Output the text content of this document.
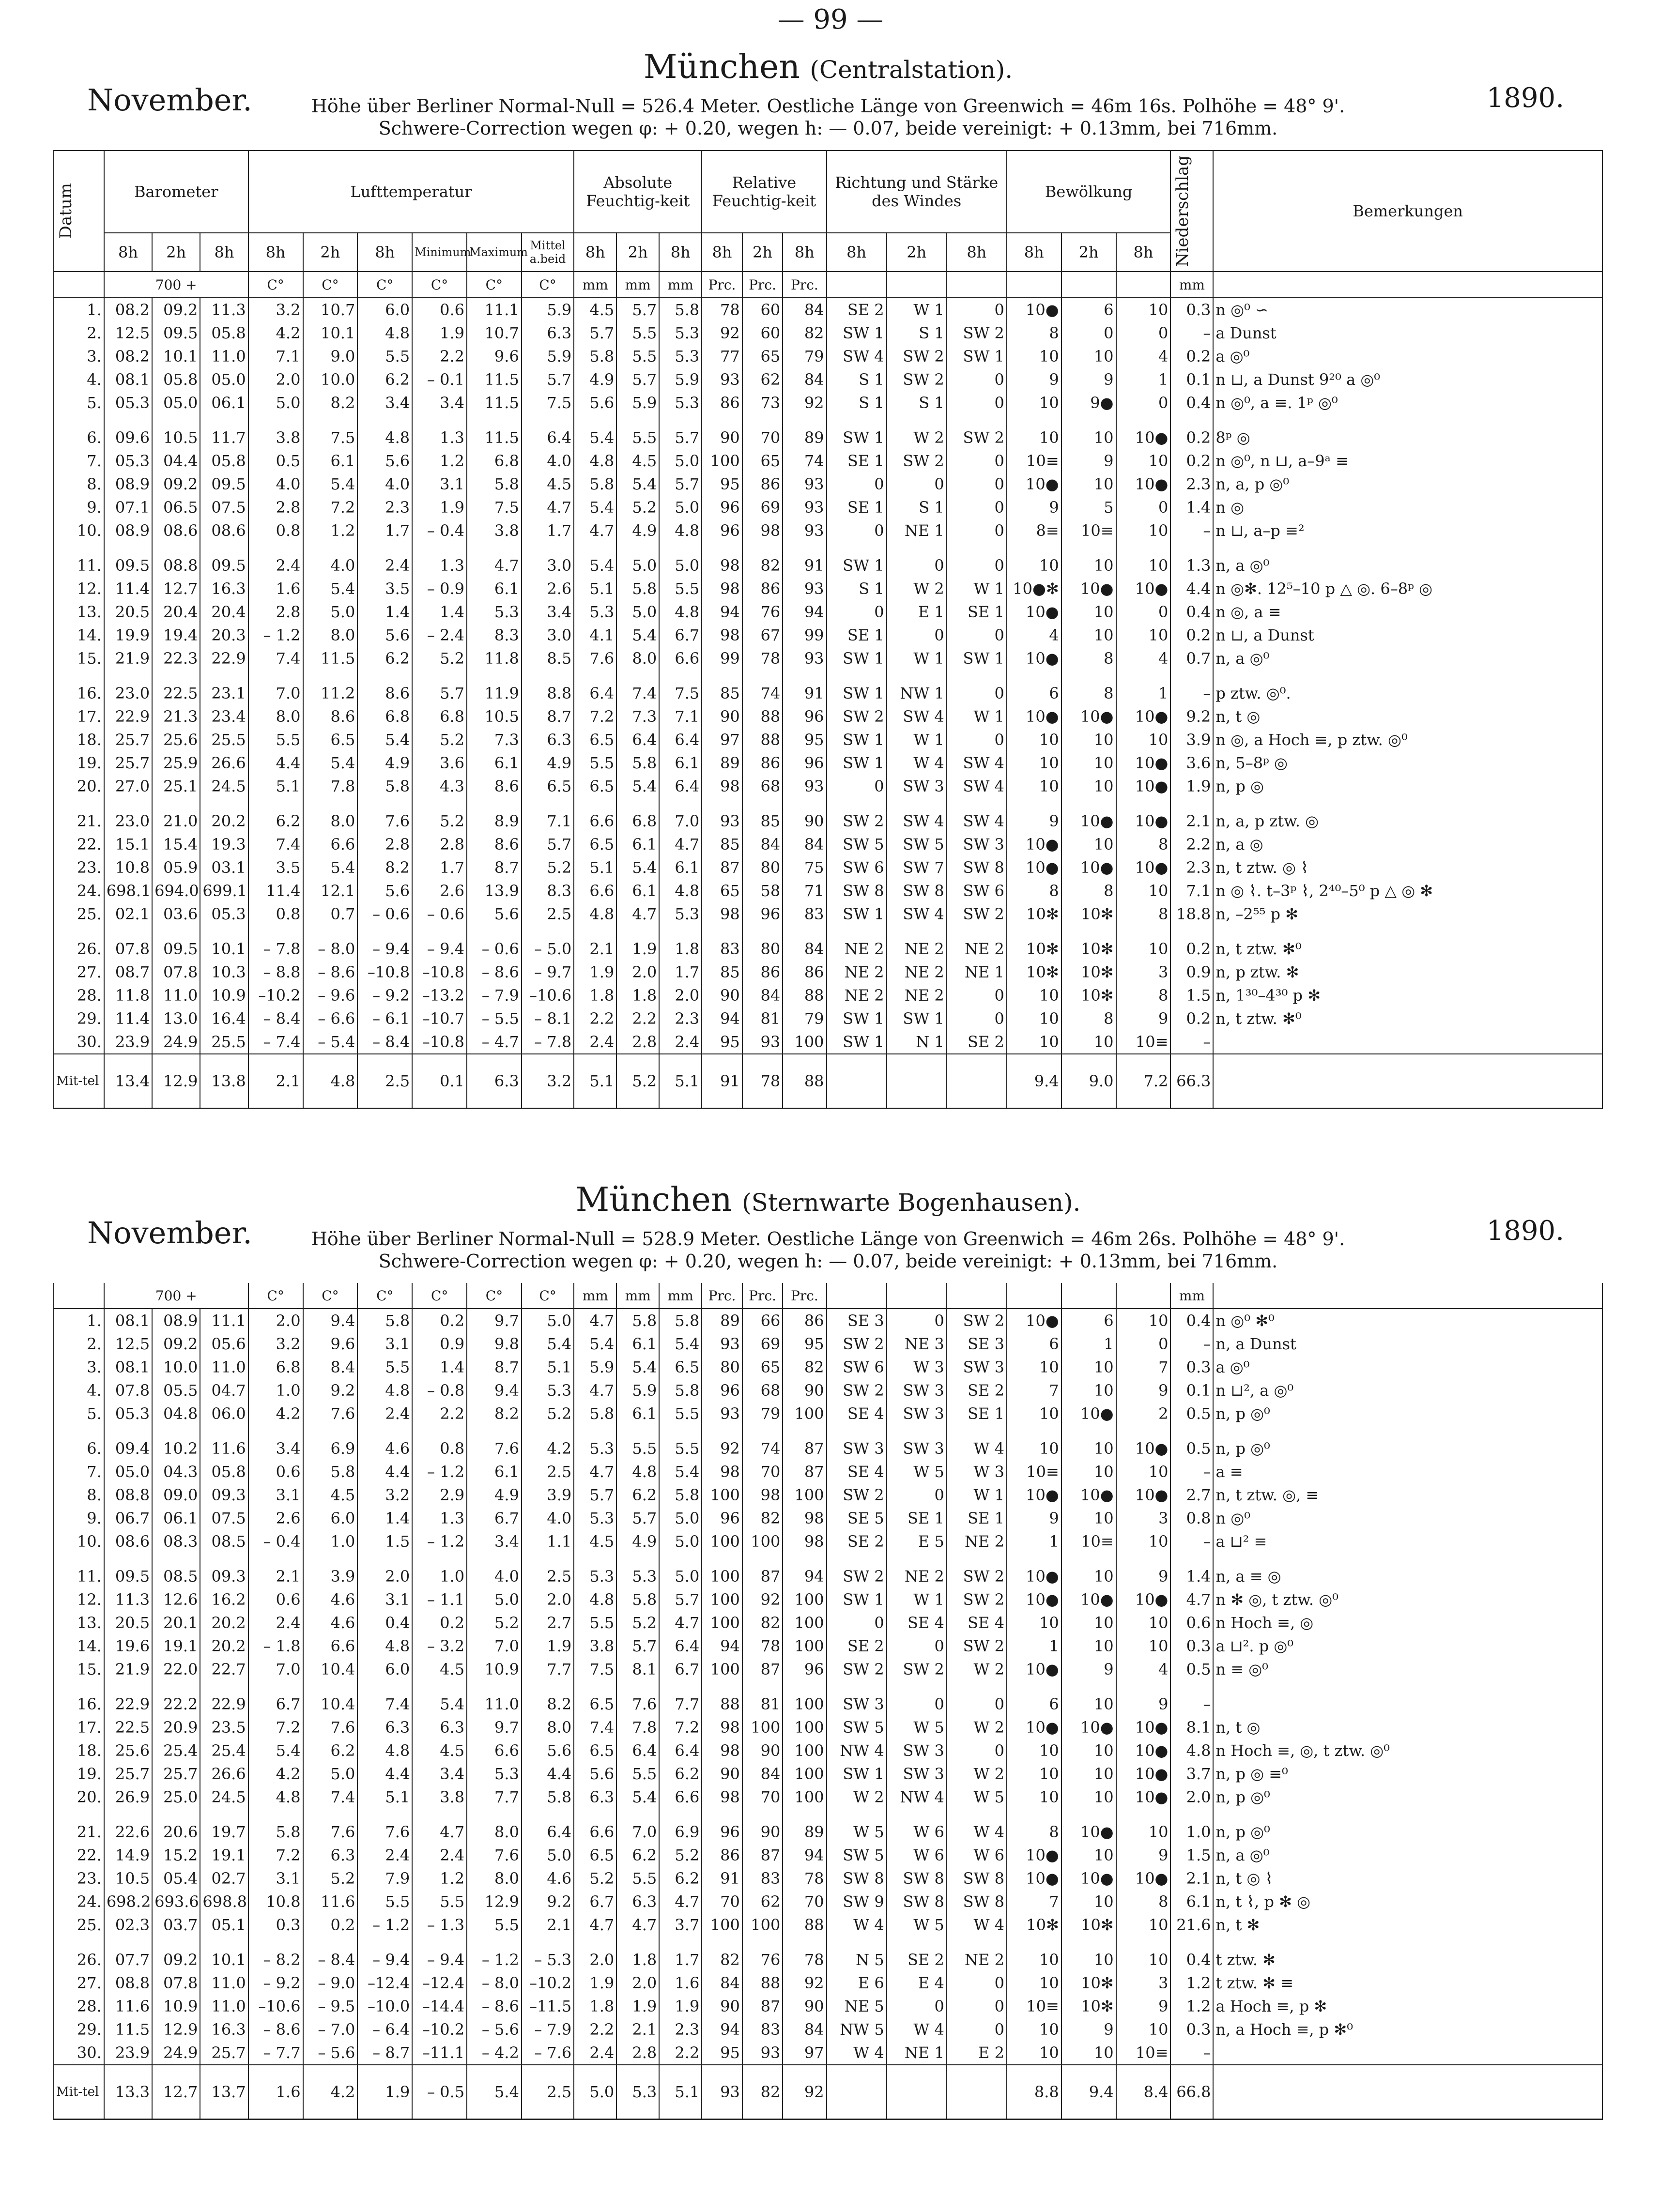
— 99 —
München (Centralstation).
November.	1890.
Höhe über Berliner Normal-Null = 526.4 Meter. Oestliche Länge von Greenwich = 46m 16s. Polhöhe = 48° 9'.
Schwere-Correction wegen φ: + 0.20, wegen h: — 0.07, beide vereinigt: + 0.13mm, bei 716mm.
Datum	Barometer			Lufttemperatur						Absolute Feuchtig-keit			Relative Feuchtig-keit			Richtung und Stärke des Windes			Bewölkung			Niederschlag	Bemerkungen
	8h	2h	8h	8h	2h	8h	Minimum	Maximum	Mittel a.beid	8h	2h	8h	8h	2h	8h	8h	2h	8h	8h	2h	8h		
	700 +			C°	C°	C°	C°	C°	C°	mm	mm	mm	Prc.	Prc.	Prc.							mm	
1.	08.2	09.2	11.3	3.2	10.7	6.0	0.6	11.1	5.9	4.5	5.7	5.8	78	60	84	SE 2	W 1	0	10●	6	10	0.3	n ◎⁰ ∽
2.	12.5	09.5	05.8	4.2	10.1	4.8	1.9	10.7	6.3	5.7	5.5	5.3	92	60	82	SW 1	S 1	SW 2	8	0	0	–	a Dunst
3.	08.2	10.1	11.0	7.1	9.0	5.5	2.2	9.6	5.9	5.8	5.5	5.3	77	65	79	SW 4	SW 2	SW 1	10	10	4	0.2	a ◎⁰
4.	08.1	05.8	05.0	2.0	10.0	6.2	– 0.1	11.5	5.7	4.9	5.7	5.9	93	62	84	S 1	SW 2	0	9	9	1	0.1	n ⊔, a Dunst 9²⁰ a ◎⁰
5.	05.3	05.0	06.1	5.0	8.2	3.4	3.4	11.5	7.5	5.6	5.9	5.3	86	73	92	S 1	S 1	0	10	9●	0	0.4	n ◎⁰, a ≡. 1ᵖ ◎⁰

6.	09.6	10.5	11.7	3.8	7.5	4.8	1.3	11.5	6.4	5.4	5.5	5.7	90	70	89	SW 1	W 2	SW 2	10	10	10●	0.2	8ᵖ ◎
7.	05.3	04.4	05.8	0.5	6.1	5.6	1.2	6.8	4.0	4.8	4.5	5.0	100	65	74	SE 1	SW 2	0	10≡	9	10	0.2	n ◎⁰, n ⊔, a–9ᵃ ≡
8.	08.9	09.2	09.5	4.0	5.4	4.0	3.1	5.8	4.5	5.8	5.4	5.7	95	86	93	0	0	0	10●	10	10●	2.3	n, a, p ◎⁰
9.	07.1	06.5	07.5	2.8	7.2	2.3	1.9	7.5	4.7	5.4	5.2	5.0	96	69	93	SE 1	S 1	0	9	5	0	1.4	n ◎
10.	08.9	08.6	08.6	0.8	1.2	1.7	– 0.4	3.8	1.7	4.7	4.9	4.8	96	98	93	0	NE 1	0	8≡	10≡	10	–	n ⊔, a–p ≡²

11.	09.5	08.8	09.5	2.4	4.0	2.4	1.3	4.7	3.0	5.4	5.0	5.0	98	82	91	SW 1	0	0	10	10	10	1.3	n, a ◎⁰
12.	11.4	12.7	16.3	1.6	5.4	3.5	– 0.9	6.1	2.6	5.1	5.8	5.5	98	86	93	S 1	W 2	W 1	10●✻	10●	10●	4.4	n ◎✻. 12⁵–10 p △ ◎. 6–8ᵖ ◎
13.	20.5	20.4	20.4	2.8	5.0	1.4	1.4	5.3	3.4	5.3	5.0	4.8	94	76	94	0	E 1	SE 1	10●	10	0	0.4	n ◎, a ≡
14.	19.9	19.4	20.3	– 1.2	8.0	5.6	– 2.4	8.3	3.0	4.1	5.4	6.7	98	67	99	SE 1	0	0	4	10	10	0.2	n ⊔, a Dunst
15.	21.9	22.3	22.9	7.4	11.5	6.2	5.2	11.8	8.5	7.6	8.0	6.6	99	78	93	SW 1	W 1	SW 1	10●	8	4	0.7	n, a ◎⁰

16.	23.0	22.5	23.1	7.0	11.2	8.6	5.7	11.9	8.8	6.4	7.4	7.5	85	74	91	SW 1	NW 1	0	6	8	1	–	p ztw. ◎⁰.
17.	22.9	21.3	23.4	8.0	8.6	6.8	6.8	10.5	8.7	7.2	7.3	7.1	90	88	96	SW 2	SW 4	W 1	10●	10●	10●	9.2	n, t ◎
18.	25.7	25.6	25.5	5.5	6.5	5.4	5.2	7.3	6.3	6.5	6.4	6.4	97	88	95	SW 1	W 1	0	10	10	10	3.9	n ◎, a Hoch ≡, p ztw. ◎⁰
19.	25.7	25.9	26.6	4.4	5.4	4.9	3.6	6.1	4.9	5.5	5.8	6.1	89	86	96	SW 1	W 4	SW 4	10	10	10●	3.6	n, 5–8ᵖ ◎
20.	27.0	25.1	24.5	5.1	7.8	5.8	4.3	8.6	6.5	6.5	5.4	6.4	98	68	93	0	SW 3	SW 4	10	10	10●	1.9	n, p ◎

21.	23.0	21.0	20.2	6.2	8.0	7.6	5.2	8.9	7.1	6.6	6.8	7.0	93	85	90	SW 2	SW 4	SW 4	9	10●	10●	2.1	n, a, p ztw. ◎
22.	15.1	15.4	19.3	7.4	6.6	2.8	2.8	8.6	5.7	6.5	6.1	4.7	85	84	84	SW 5	SW 5	SW 3	10●	10	8	2.2	n, a ◎
23.	10.8	05.9	03.1	3.5	5.4	8.2	1.7	8.7	5.2	5.1	5.4	6.1	87	80	75	SW 6	SW 7	SW 8	10●	10●	10●	2.3	n, t ztw. ◎ ⌇
24.	698.1	694.0	699.1	11.4	12.1	5.6	2.6	13.9	8.3	6.6	6.1	4.8	65	58	71	SW 8	SW 8	SW 6	8	8	10	7.1	n ◎ ⌇. t–3ᵖ ⌇, 2⁴⁰–5⁰ p △ ◎ ✻
25.	02.1	03.6	05.3	0.8	0.7	– 0.6	– 0.6	5.6	2.5	4.8	4.7	5.3	98	96	83	SW 1	SW 4	SW 2	10✻	10✻	8	18.8	n, –2⁵⁵ p ✻

26.	07.8	09.5	10.1	– 7.8	– 8.0	– 9.4	– 9.4	– 0.6	– 5.0	2.1	1.9	1.8	83	80	84	NE 2	NE 2	NE 2	10✻	10✻	10	0.2	n, t ztw. ✻⁰
27.	08.7	07.8	10.3	– 8.8	– 8.6	–10.8	–10.8	– 8.6	– 9.7	1.9	2.0	1.7	85	86	86	NE 2	NE 2	NE 1	10✻	10✻	3	0.9	n, p ztw. ✻
28.	11.8	11.0	10.9	–10.2	– 9.6	– 9.2	–13.2	– 7.9	–10.6	1.8	1.8	2.0	90	84	88	NE 2	NE 2	0	10	10✻	8	1.5	n, 1³⁰–4³⁰ p ✻
29.	11.4	13.0	16.4	– 8.4	– 6.6	– 6.1	–10.7	– 5.5	– 8.1	2.2	2.2	2.3	94	81	79	SW 1	SW 1	0	10	8	9	0.2	n, t ztw. ✻⁰
30.	23.9	24.9	25.5	– 7.4	– 5.4	– 8.4	–10.8	– 4.7	– 7.8	2.4	2.8	2.4	95	93	100	SW 1	N 1	SE 2	10	10	10≡	–	
Mit-tel	13.4	12.9	13.8	2.1	4.8	2.5	0.1	6.3	3.2	5.1	5.2	5.1	91	78	88				9.4	9.0	7.2	66.3	
München (Sternwarte Bogenhausen).
November.	1890.
Höhe über Berliner Normal-Null = 528.9 Meter. Oestliche Länge von Greenwich = 46m 26s. Polhöhe = 48° 9'.
Schwere-Correction wegen φ: + 0.20, wegen h: — 0.07, beide vereinigt: + 0.13mm, bei 716mm.
	700 +			C°	C°	C°	C°	C°	C°	mm	mm	mm	Prc.	Prc.	Prc.							mm	
1.	08.1	08.9	11.1	2.0	9.4	5.8	0.2	9.7	5.0	4.7	5.8	5.8	89	66	86	SE 3	0	SW 2	10●	6	10	0.4	n ◎⁰ ✻⁰
2.	12.5	09.2	05.6	3.2	9.6	3.1	0.9	9.8	5.4	5.4	6.1	5.4	93	69	95	SW 2	NE 3	SE 3	6	1	0	–	n, a Dunst
3.	08.1	10.0	11.0	6.8	8.4	5.5	1.4	8.7	5.1	5.9	5.4	6.5	80	65	82	SW 6	W 3	SW 3	10	10	7	0.3	a ◎⁰
4.	07.8	05.5	04.7	1.0	9.2	4.8	– 0.8	9.4	5.3	4.7	5.9	5.8	96	68	90	SW 2	SW 3	SE 2	7	10	9	0.1	n ⊔², a ◎⁰
5.	05.3	04.8	06.0	4.2	7.6	2.4	2.2	8.2	5.2	5.8	6.1	5.5	93	79	100	SE 4	SW 3	SE 1	10	10●	2	0.5	n, p ◎⁰

6.	09.4	10.2	11.6	3.4	6.9	4.6	0.8	7.6	4.2	5.3	5.5	5.5	92	74	87	SW 3	SW 3	W 4	10	10	10●	0.5	n, p ◎⁰
7.	05.0	04.3	05.8	0.6	5.8	4.4	– 1.2	6.1	2.5	4.7	4.8	5.4	98	70	87	SE 4	W 5	W 3	10≡	10	10	–	a ≡
8.	08.8	09.0	09.3	3.1	4.5	3.2	2.9	4.9	3.9	5.7	6.2	5.8	100	98	100	SW 2	0	W 1	10●	10●	10●	2.7	n, t ztw. ◎, ≡
9.	06.7	06.1	07.5	2.6	6.0	1.4	1.3	6.7	4.0	5.3	5.7	5.0	96	82	98	SE 5	SE 1	SE 1	9	10	3	0.8	n ◎⁰
10.	08.6	08.3	08.5	– 0.4	1.0	1.5	– 1.2	3.4	1.1	4.5	4.9	5.0	100	100	98	SE 2	E 5	NE 2	1	10≡	10	–	a ⊔² ≡

11.	09.5	08.5	09.3	2.1	3.9	2.0	1.0	4.0	2.5	5.3	5.3	5.0	100	87	94	SW 2	NE 2	SW 2	10●	10	9	1.4	n, a ≡ ◎
12.	11.3	12.6	16.2	0.6	4.6	3.1	– 1.1	5.0	2.0	4.8	5.8	5.7	100	92	100	SW 1	W 1	SW 2	10●	10●	10●	4.7	n ✻ ◎, t ztw. ◎⁰
13.	20.5	20.1	20.2	2.4	4.6	0.4	0.2	5.2	2.7	5.5	5.2	4.7	100	82	100	0	SE 4	SE 4	10	10	10	0.6	n Hoch ≡, ◎
14.	19.6	19.1	20.2	– 1.8	6.6	4.8	– 3.2	7.0	1.9	3.8	5.7	6.4	94	78	100	SE 2	0	SW 2	1	10	10	0.3	a ⊔². p ◎⁰
15.	21.9	22.0	22.7	7.0	10.4	6.0	4.5	10.9	7.7	7.5	8.1	6.7	100	87	96	SW 2	SW 2	W 2	10●	9	4	0.5	n ≡ ◎⁰

16.	22.9	22.2	22.9	6.7	10.4	7.4	5.4	11.0	8.2	6.5	7.6	7.7	88	81	100	SW 3	0	0	6	10	9	–	
17.	22.5	20.9	23.5	7.2	7.6	6.3	6.3	9.7	8.0	7.4	7.8	7.2	98	100	100	SW 5	W 5	W 2	10●	10●	10●	8.1	n, t ◎
18.	25.6	25.4	25.4	5.4	6.2	4.8	4.5	6.6	5.6	6.5	6.4	6.4	98	90	100	NW 4	SW 3	0	10	10	10●	4.8	n Hoch ≡, ◎, t ztw. ◎⁰
19.	25.7	25.7	26.6	4.2	5.0	4.4	3.4	5.3	4.4	5.6	5.5	6.2	90	84	100	SW 1	SW 3	W 2	10	10	10●	3.7	n, p ◎ ≡⁰
20.	26.9	25.0	24.5	4.8	7.4	5.1	3.8	7.7	5.8	6.3	5.4	6.6	98	70	100	W 2	NW 4	W 5	10	10	10●	2.0	n, p ◎⁰

21.	22.6	20.6	19.7	5.8	7.6	7.6	4.7	8.0	6.4	6.6	7.0	6.9	96	90	89	W 5	W 6	W 4	8	10●	10	1.0	n, p ◎⁰
22.	14.9	15.2	19.1	7.2	6.3	2.4	2.4	7.6	5.0	6.5	6.2	5.2	86	87	94	SW 5	W 6	W 6	10●	10	9	1.5	n, a ◎⁰
23.	10.5	05.4	02.7	3.1	5.2	7.9	1.2	8.0	4.6	5.2	5.5	6.2	91	83	78	SW 8	SW 8	SW 8	10●	10●	10●	2.1	n, t ◎ ⌇
24.	698.2	693.6	698.8	10.8	11.6	5.5	5.5	12.9	9.2	6.7	6.3	4.7	70	62	70	SW 9	SW 8	SW 8	7	10	8	6.1	n, t ⌇, p ✻ ◎
25.	02.3	03.7	05.1	0.3	0.2	– 1.2	– 1.3	5.5	2.1	4.7	4.7	3.7	100	100	88	W 4	W 5	W 4	10✻	10✻	10	21.6	n, t ✻

26.	07.7	09.2	10.1	– 8.2	– 8.4	– 9.4	– 9.4	– 1.2	– 5.3	2.0	1.8	1.7	82	76	78	N 5	SE 2	NE 2	10	10	10	0.4	t ztw. ✻
27.	08.8	07.8	11.0	– 9.2	– 9.0	–12.4	–12.4	– 8.0	–10.2	1.9	2.0	1.6	84	88	92	E 6	E 4	0	10	10✻	3	1.2	t ztw. ✻ ≡
28.	11.6	10.9	11.0	–10.6	– 9.5	–10.0	–14.4	– 8.6	–11.5	1.8	1.9	1.9	90	87	90	NE 5	0	0	10≡	10✻	9	1.2	a Hoch ≡, p ✻
29.	11.5	12.9	16.3	– 8.6	– 7.0	– 6.4	–10.2	– 5.6	– 7.9	2.2	2.1	2.3	94	83	84	NW 5	W 4	0	10	9	10	0.3	n, a Hoch ≡, p ✻⁰
30.	23.9	24.9	25.7	– 7.7	– 5.6	– 8.7	–11.1	– 4.2	– 7.6	2.4	2.8	2.2	95	93	97	W 4	NE 1	E 2	10	10	10≡	–	
Mit-tel	13.3	12.7	13.7	1.6	4.2	1.9	– 0.5	5.4	2.5	5.0	5.3	5.1	93	82	92				8.8	9.4	8.4	66.8	
